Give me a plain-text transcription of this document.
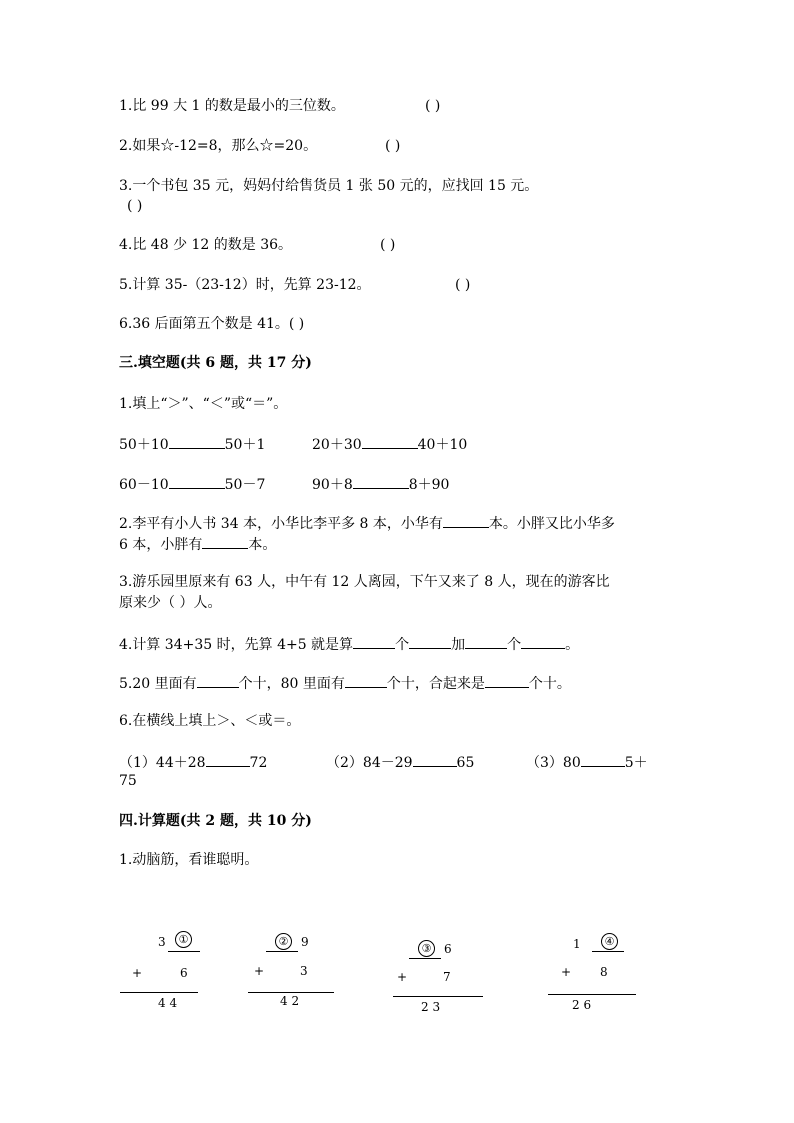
1.比 99 大 1 的数是最小的三位数。	( )
2.如果☆-12=8，那么☆=20。	( )
3.一个书包 35 元，妈妈付给售货员 1 张 50 元的，应找回 15 元。
( )
4.比 48 少 12 的数是 36。	( )
5.计算 35-（23-12）时，先算 23-12。	( )
6.36 后面第五个数是 41。( )
三.填空题(共 6 题，共 17 分)
1.填上“＞”、“＜”或“＝”。
50＋10	50＋1	20＋30	40＋10
60－10	50－7	90＋8	8＋90
2.李平有小人书 34 本，小华比李平多 8 本，小华有	本。小胖又比小华多
6 本，小胖有	本。
3.游乐园里原来有 63 人，中午有 12 人离园，下午又来了 8 人，现在的游客比
原来少（ ）人。
4.计算 34+35 时，先算 4+5 就是算	个	加	个	。
5.20 里面有	个十，80 里面有	个十，合起来是	个十。
6.在横线上填上＞、＜或＝。
（1）44＋28	72	（2）84－29	65	（3）80	5＋
75
四.计算题(共 2 题，共 10 分)
1.动脑筋，看谁聪明。
3	①
+	6
4 4
② 9
+	3
4 2
③ 6
+	7
2 3
1	④
+ 8
2 6
